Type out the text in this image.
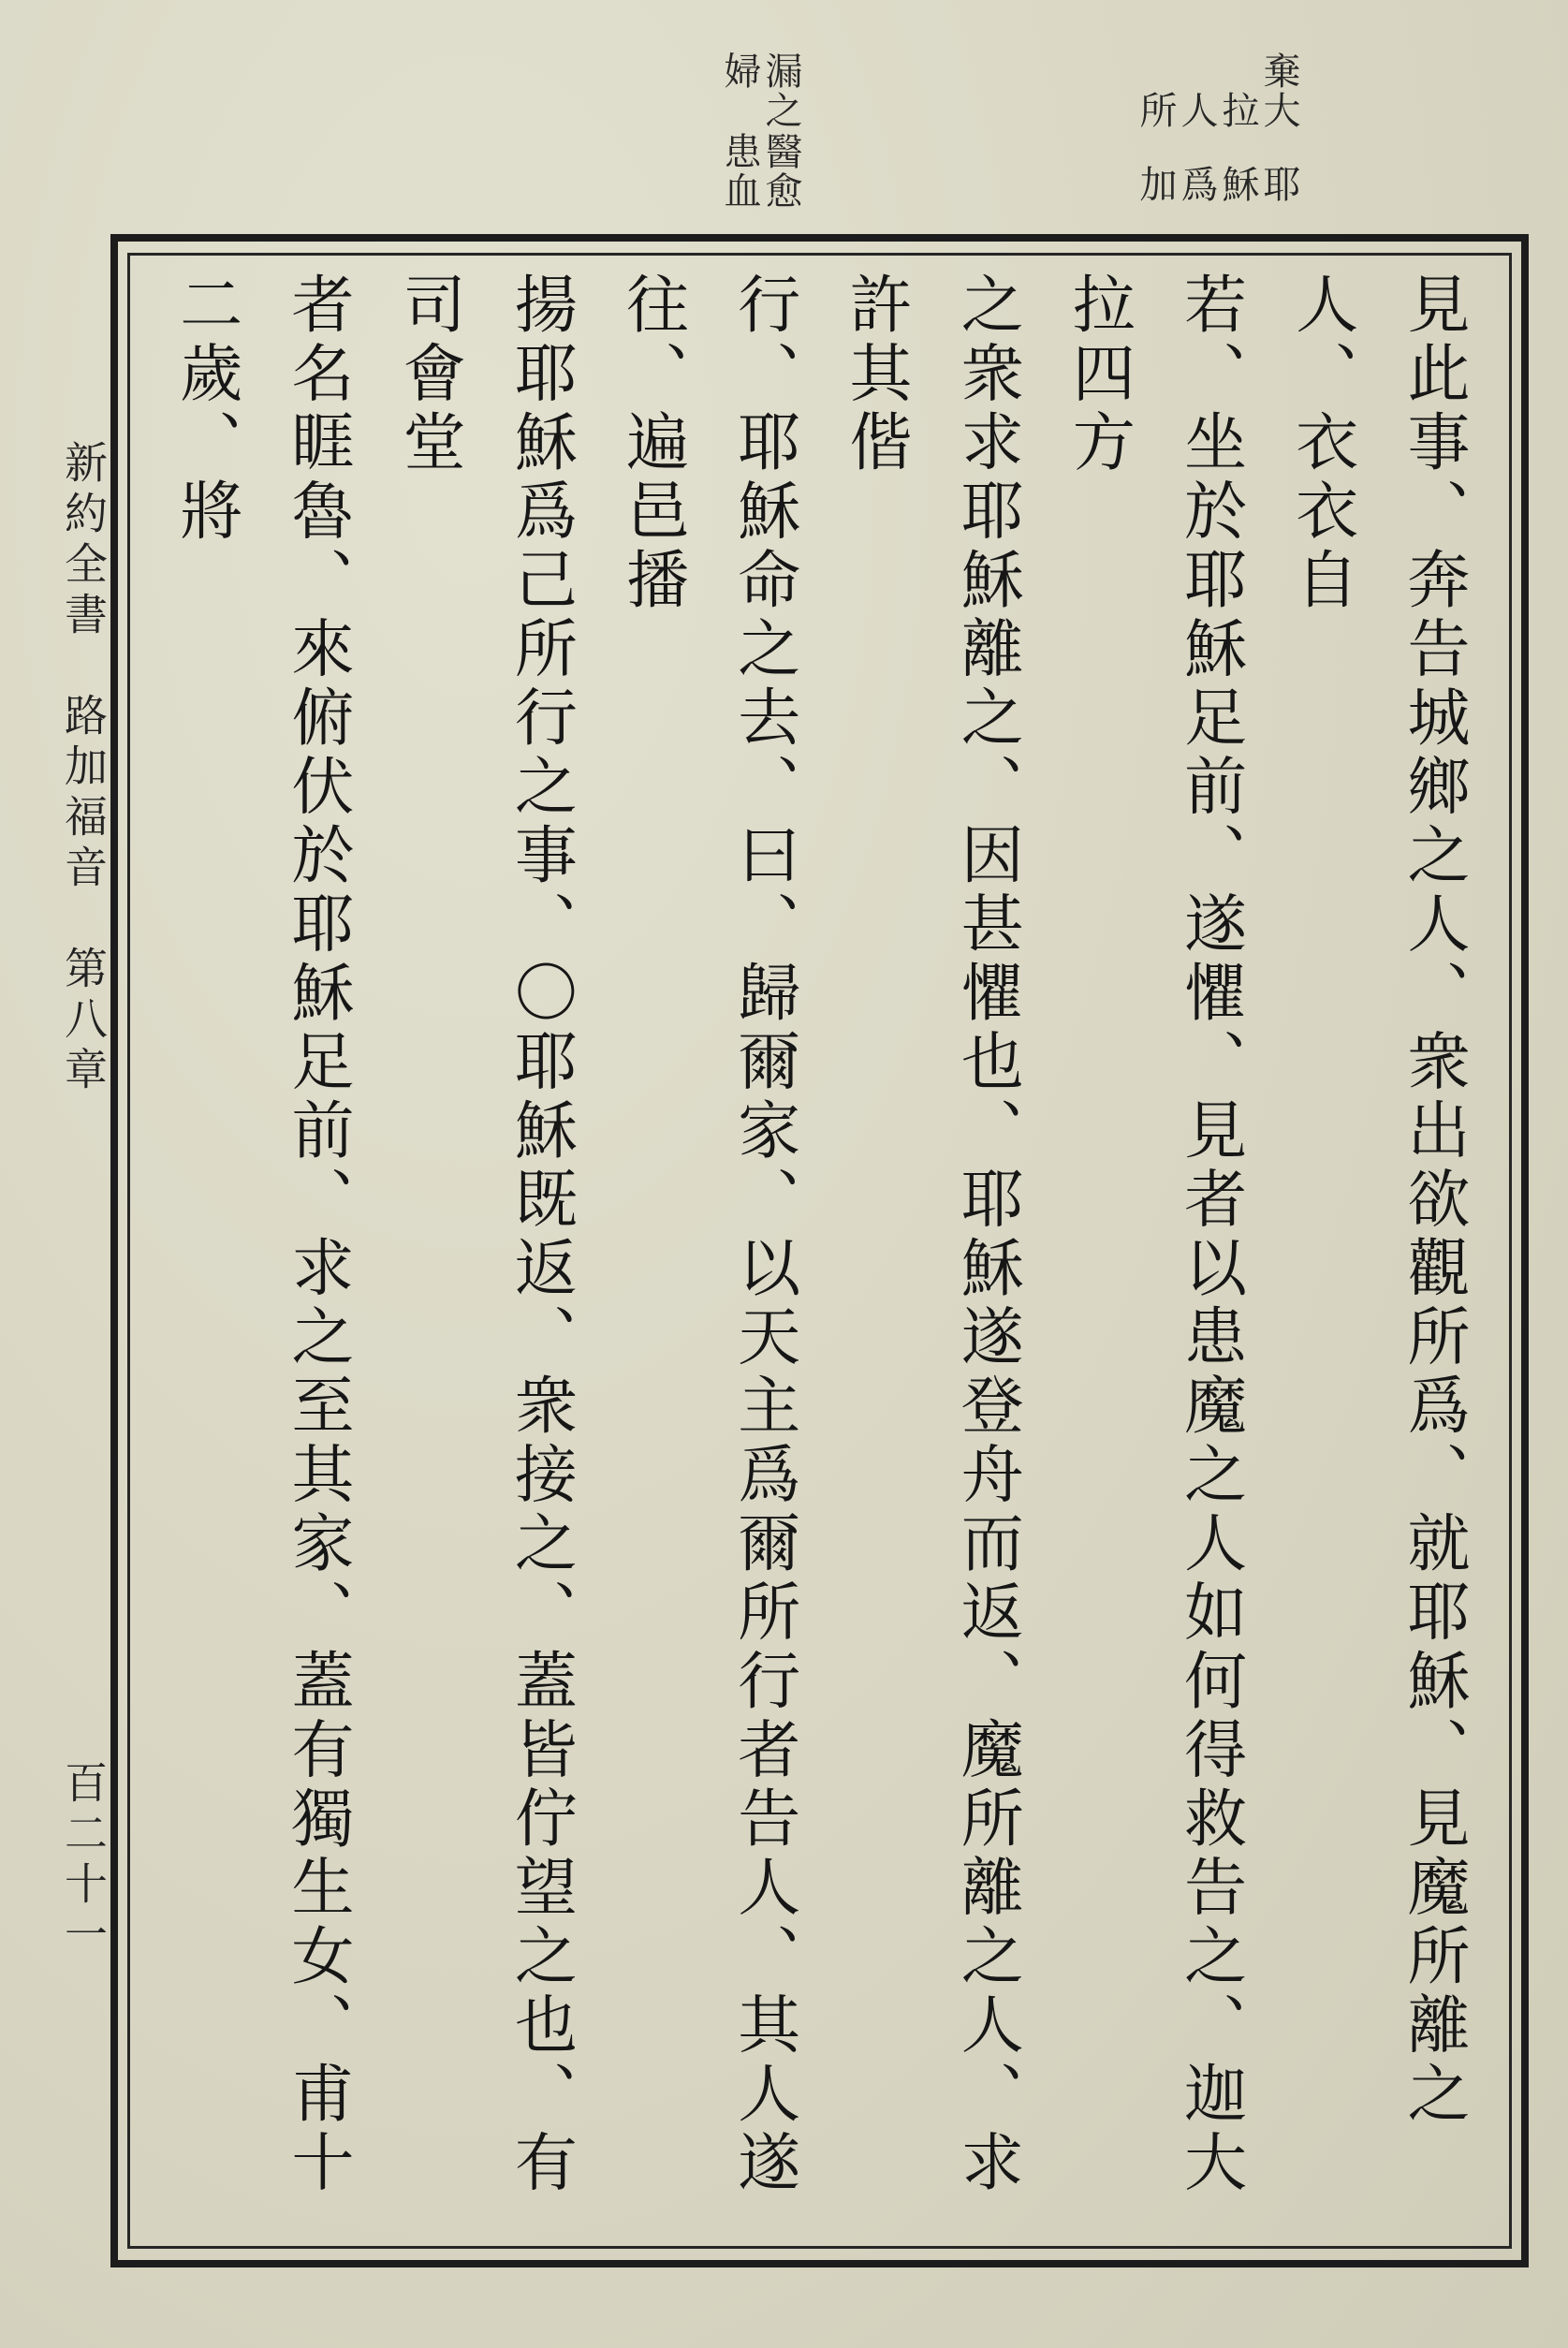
耶穌爲加
大拉人所
棄
醫愈患血
漏之婦
見此事、奔告城鄉之人、衆出欲觀所爲、就耶穌、見魔所離之人、衣衣自
若、坐於耶穌足前、遂懼、見者以患魔之人如何得救告之、迦大拉四方
之衆求耶穌離之、因甚懼也、耶穌遂登舟而返、魔所離之人、求許其偕
行、耶穌命之去、曰、歸爾家、以天主爲爾所行者告人、其人遂往、遍邑播
揚耶穌爲己所行之事、〇耶穌既返、衆接之、蓋皆佇望之也、有司會堂
者名睚魯、來俯伏於耶穌足前、求之至其家、蓋有獨生女、甫十二歲、將
新約全書　路加福音　第八章
百二十一
